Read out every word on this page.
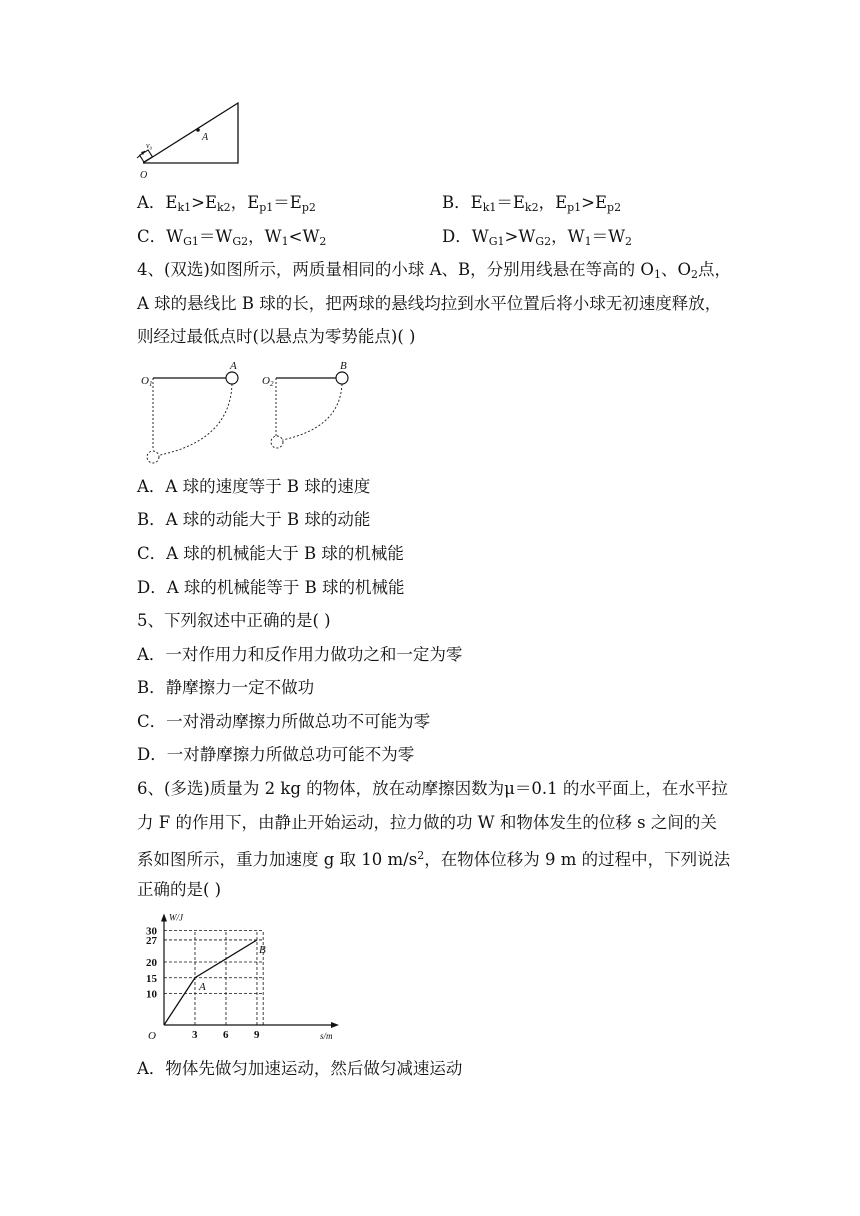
A
O
v₀
A．$E_{k1}>E_{k2}$，$E_{p1}=E_{p2}$	B．$E_{k1}=E_{k2}$，$E_{p1}>E_{p2}$
C．$W_{G1}=W_{G2}$，$W_1<W_2$	D．$W_{G1}>W_{G2}$，$W_1=W_2$
4、(双选)如图所示，两质量相同的小球 A、B，分别用线悬在等高的 $O_1$、$O_2$点，
A 球的悬线比 B 球的长，把两球的悬线均拉到水平位置后将小球无初速度释放，
则经过最低点时(以悬点为零势能点)( )
O1
A
O2
B
A．A 球的速度等于 B 球的速度
B．A 球的动能大于 B 球的动能
C．A 球的机械能大于 B 球的机械能
D．A 球的机械能等于 B 球的机械能
5、下列叙述中正确的是( )
A．一对作用力和反作用力做功之和一定为零
B．静摩擦力一定不做功
C．一对滑动摩擦力所做总功不可能为零
D．一对静摩擦力所做总功可能不为零
6、(多选)质量为 2 kg 的物体，放在动摩擦因数为μ＝0.1 的水平面上，在水平拉
力 F 的作用下，由静止开始运动，拉力做的功 W 和物体发生的位移 s 之间的关
系如图所示，重力加速度 g 取 10 $m/s^2$，在物体位移为 9 m 的过程中，下列说法
正确的是( )
3 6 9
10
15
20
27
30
W/J
s/m
O
A
B
A．物体先做匀加速运动，然后做匀减速运动
